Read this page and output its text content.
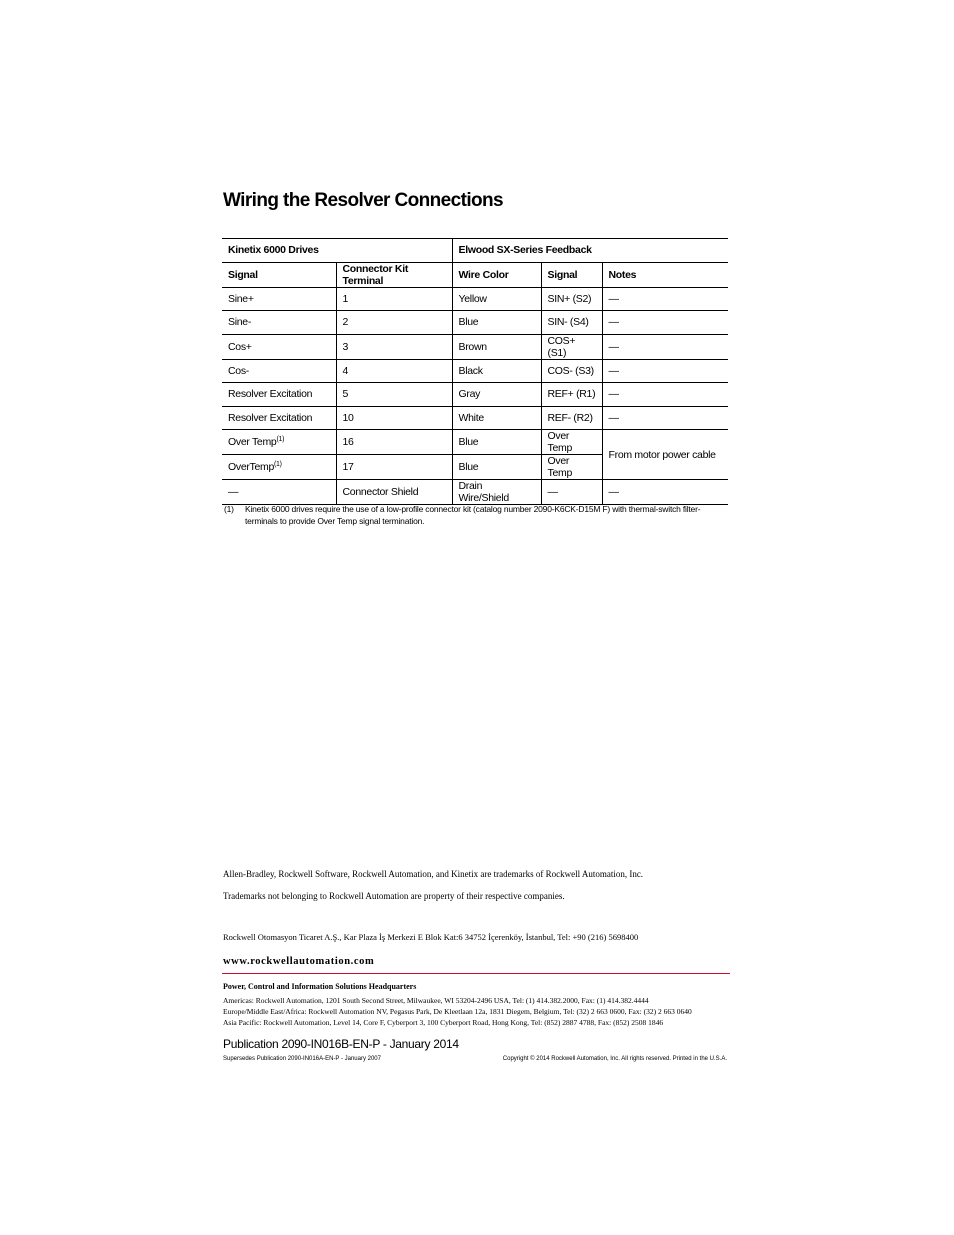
Wiring the Resolver Connections
Kinetix 6000 Drives		Elwood SX-Series Feedback		
Signal	Connector Kit Terminal	Wire Color	Signal	Notes
Sine+	1	Yellow	SIN+ (S2)	—
Sine-	2	Blue	SIN- (S4)	—
Cos+	3	Brown	COS+ (S1)	—
Cos-	4	Black	COS- (S3)	—
Resolver Excitation	5	Gray	REF+ (R1)	—
Resolver Excitation	10	White	REF- (R2)	—
Over Temp$^{(1)}$	16	Blue	Over Temp	From motor power cable
OverTemp$^{(1)}$	17	Blue	Over Temp	
—	Connector Shield	Drain Wire/Shield	—	—
(1) Kinetix 6000 drives require the use of a low-profile connector kit (catalog number 2090-K6CK-D15M F) with thermal-switch filter-terminals to provide Over Temp signal termination.
Allen-Bradley, Rockwell Software, Rockwell Automation, and Kinetix are trademarks of Rockwell Automation, Inc.
Trademarks not belonging to Rockwell Automation are property of their respective companies.
Rockwell Otomasyon Ticaret A.Ş., Kar Plaza İş Merkezi E Blok Kat:6 34752 İçerenköy, İstanbul, Tel: +90 (216) 5698400
www.rockwellautomation.com
Power, Control and Information Solutions Headquarters
Americas: Rockwell Automation, 1201 South Second Street, Milwaukee, WI 53204-2496 USA, Tel: (1) 414.382.2000, Fax: (1) 414.382.4444
Europe/Middle East/Africa: Rockwell Automation NV, Pegasus Park, De Kleetlaan 12a, 1831 Diegem, Belgium, Tel: (32) 2 663 0600, Fax: (32) 2 663 0640
Asia Pacific: Rockwell Automation, Level 14, Core F, Cyberport 3, 100 Cyberport Road, Hong Kong, Tel: (852) 2887 4788, Fax: (852) 2508 1846
Publication 2090-IN016B-EN-P - January 2014
Supersedes Publication 2090-IN016A-EN-P - January 2007	Copyright © 2014 Rockwell Automation, Inc. All rights reserved. Printed in the U.S.A.
